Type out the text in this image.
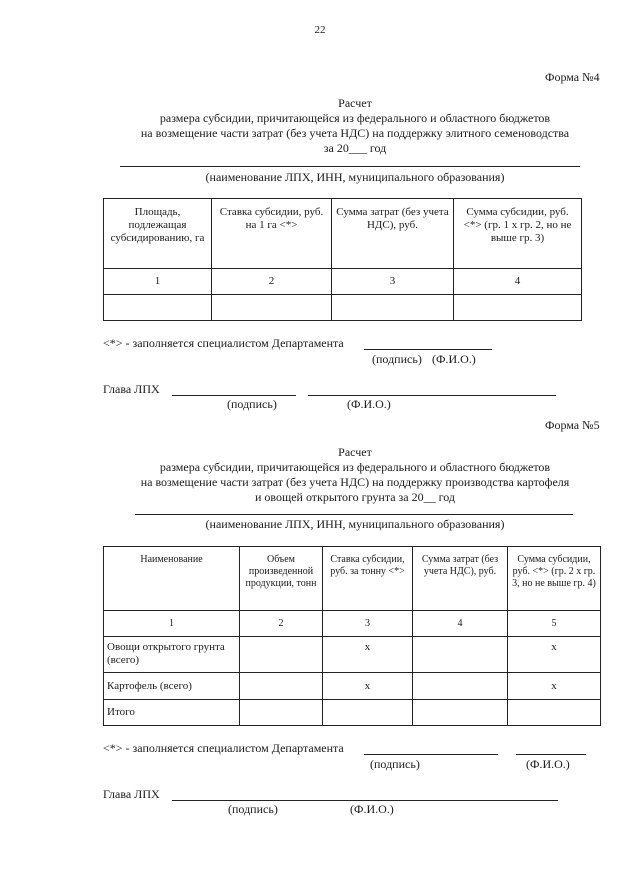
22
Форма №4
Расчет
размера субсидии, причитающейся из федерального и областного бюджетов
на возмещение части затрат (без учета НДС) на поддержку элитного семеноводства
за 20___ год
(наименование ЛПХ, ИНН, муниципального образования)
Площадь, подлежащая субсидированию, га	Ставка субсидии, руб. на 1 га <*>	Сумма затрат (без учета НДС), руб.	Сумма субсидии, руб. <*> (гр. 1 х гр. 2, но не выше гр. 3)
1	2	3	4

<*> - заполняется специалистом Департамента
(подпись) (Ф.И.О.)
Глава ЛПХ
(подпись)	(Ф.И.О.)
Форма №5
Расчет
размера субсидии, причитающейся из федерального и областного бюджетов
на возмещение части затрат (без учета НДС) на поддержку производства картофеля
и овощей открытого грунта за 20__ год
(наименование ЛПХ, ИНН, муниципального образования)
Наименование	Объем произведенной продукции, тонн	Ставка субсидии, руб. за тонну <*>	Сумма затрат (без учета НДС), руб.	Сумма субсидии, руб. <*> (гр. 2 х гр. 3, но не выше гр. 4)
1	2	3	4	5
Овощи открытого грунта (всего)		x		x
Картофель (всего)		x		x
Итого				
<*> - заполняется специалистом Департамента
(подпись)	(Ф.И.О.)
Глава ЛПХ
(подпись)	(Ф.И.О.)
